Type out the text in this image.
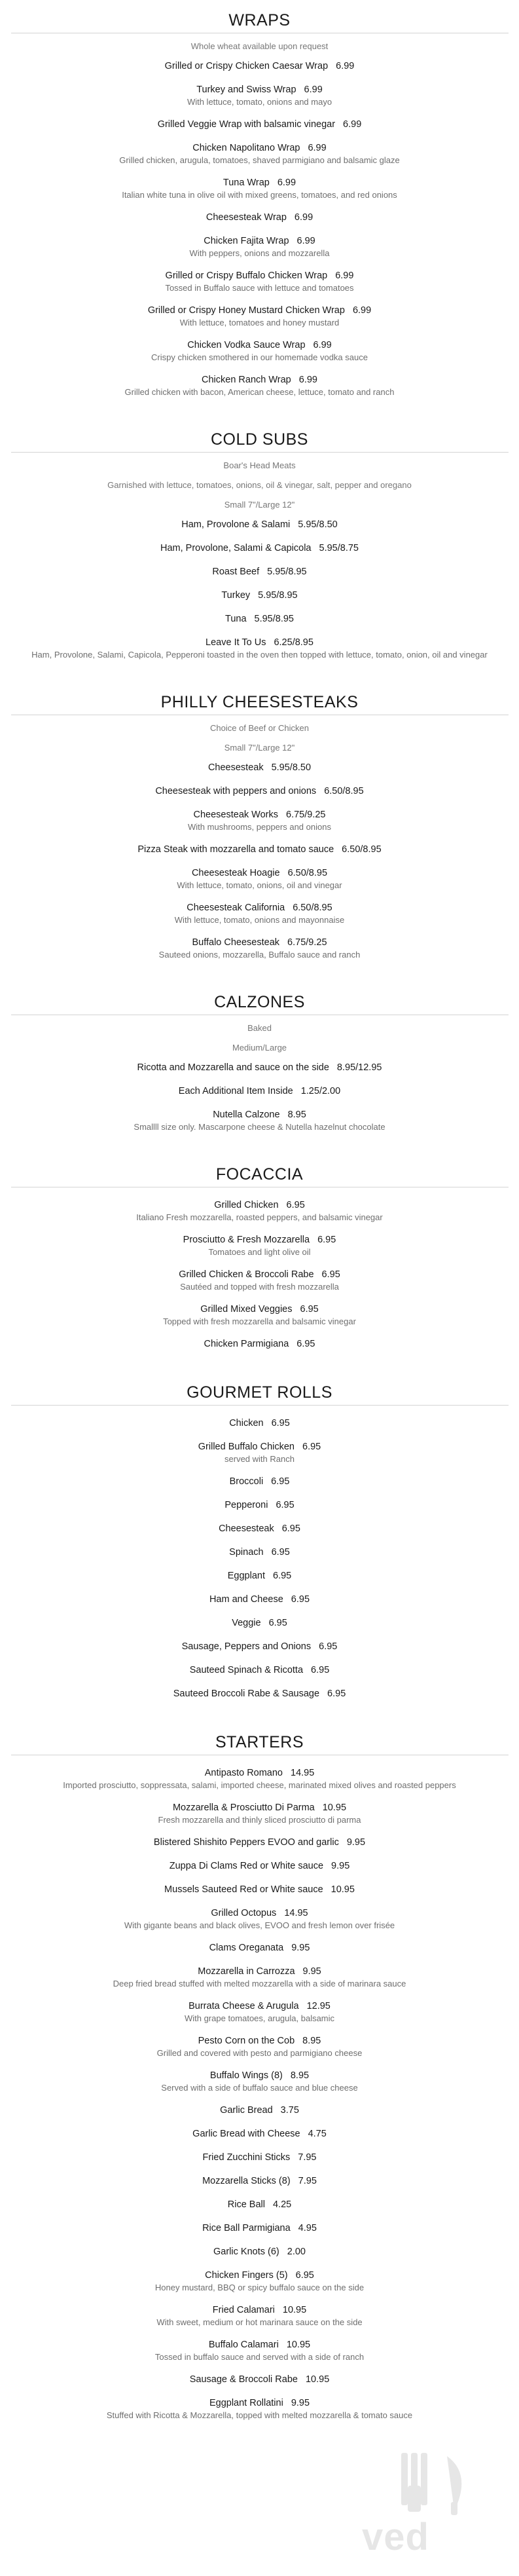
WRAPS
Whole wheat available upon request
Grilled or Crispy Chicken Caesar Wrap 6.99
Turkey and Swiss Wrap 6.99
With lettuce, tomato, onions and mayo
Grilled Veggie Wrap with balsamic vinegar 6.99
Chicken Napolitano Wrap 6.99
Grilled chicken, arugula, tomatoes, shaved parmigiano and balsamic glaze
Tuna Wrap 6.99
Italian white tuna in olive oil with mixed greens, tomatoes, and red onions
Cheesesteak Wrap 6.99
Chicken Fajita Wrap 6.99
With peppers, onions and mozzarella
Grilled or Crispy Buffalo Chicken Wrap 6.99
Tossed in Buffalo sauce with lettuce and tomatoes
Grilled or Crispy Honey Mustard Chicken Wrap 6.99
With lettuce, tomatoes and honey mustard
Chicken Vodka Sauce Wrap 6.99
Crispy chicken smothered in our homemade vodka sauce
Chicken Ranch Wrap 6.99
Grilled chicken with bacon, American cheese, lettuce, tomato and ranch
COLD SUBS
Boar's Head Meats
Garnished with lettuce, tomatoes, onions, oil & vinegar, salt, pepper and oregano
Small 7"/Large 12"
Ham, Provolone & Salami 5.95/8.50
Ham, Provolone, Salami & Capicola 5.95/8.75
Roast Beef 5.95/8.95
Turkey 5.95/8.95
Tuna 5.95/8.95
Leave It To Us 6.25/8.95
Ham, Provolone, Salami, Capicola, Pepperoni toasted in the oven then topped with lettuce, tomato, onion, oil and vinegar
PHILLY CHEESESTEAKS
Choice of Beef or Chicken
Small 7"/Large 12"
Cheesesteak 5.95/8.50
Cheesesteak with peppers and onions 6.50/8.95
Cheesesteak Works 6.75/9.25
With mushrooms, peppers and onions
Pizza Steak with mozzarella and tomato sauce 6.50/8.95
Cheesesteak Hoagie 6.50/8.95
With lettuce, tomato, onions, oil and vinegar
Cheesesteak California 6.50/8.95
With lettuce, tomato, onions and mayonnaise
Buffalo Cheesesteak 6.75/9.25
Sauteed onions, mozzarella, Buffalo sauce and ranch
CALZONES
Baked
Medium/Large
Ricotta and Mozzarella and sauce on the side 8.95/12.95
Each Additional Item Inside 1.25/2.00
Nutella Calzone 8.95
Smallll size only. Mascarpone cheese & Nutella hazelnut chocolate
FOCACCIA
Grilled Chicken 6.95
Italiano Fresh mozzarella, roasted peppers, and balsamic vinegar
Prosciutto & Fresh Mozzarella 6.95
Tomatoes and light olive oil
Grilled Chicken & Broccoli Rabe 6.95
Sautéed and topped with fresh mozzarella
Grilled Mixed Veggies 6.95
Topped with fresh mozzarella and balsamic vinegar
Chicken Parmigiana 6.95
GOURMET ROLLS
Chicken 6.95
Grilled Buffalo Chicken 6.95
served with Ranch
Broccoli 6.95
Pepperoni 6.95
Cheesesteak 6.95
Spinach 6.95
Eggplant 6.95
Ham and Cheese 6.95
Veggie 6.95
Sausage, Peppers and Onions 6.95
Sauteed Spinach & Ricotta 6.95
Sauteed Broccoli Rabe & Sausage 6.95
STARTERS
Antipasto Romano 14.95
Imported prosciutto, soppressata, salami, imported cheese, marinated mixed olives and roasted peppers
Mozzarella & Prosciutto Di Parma 10.95
Fresh mozzarella and thinly sliced prosciutto di parma
Blistered Shishito Peppers EVOO and garlic 9.95
Zuppa Di Clams Red or White sauce 9.95
Mussels Sauteed Red or White sauce 10.95
Grilled Octopus 14.95
With gigante beans and black olives, EVOO and fresh lemon over frisée
Clams Oreganata 9.95
Mozzarella in Carrozza 9.95
Deep fried bread stuffed with melted mozzarella with a side of marinara sauce
Burrata Cheese & Arugula 12.95
With grape tomatoes, arugula, balsamic
Pesto Corn on the Cob 8.95
Grilled and covered with pesto and parmigiano cheese
Buffalo Wings (8) 8.95
Served with a side of buffalo sauce and blue cheese
Garlic Bread 3.75
Garlic Bread with Cheese 4.75
Fried Zucchini Sticks 7.95
Mozzarella Sticks (8) 7.95
Rice Ball 4.25
Rice Ball Parmigiana 4.95
Garlic Knots (6) 2.00
Chicken Fingers (5) 6.95
Honey mustard, BBQ or spicy buffalo sauce on the side
Fried Calamari 10.95
With sweet, medium or hot marinara sauce on the side
Buffalo Calamari 10.95
Tossed in buffalo sauce and served with a side of ranch
Sausage & Broccoli Rabe 10.95
Eggplant Rollatini 9.95
Stuffed with Ricotta & Mozzarella, topped with melted mozzarella & tomato sauce
ved
